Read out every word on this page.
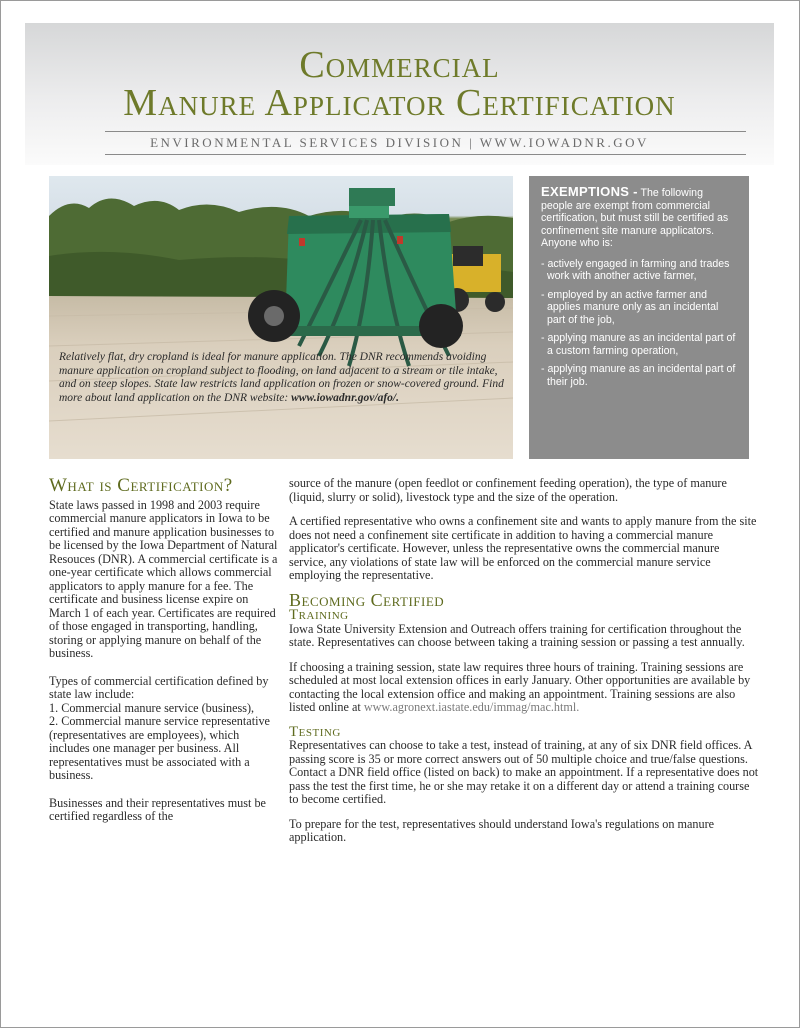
Commercial
Manure Applicator Certification
ENVIRONMENTAL SERVICES DIVISION | WWW.IOWADNR.GOV
Relatively flat, dry cropland is ideal for manure application. The DNR recommends avoiding manure application on cropland subject to flooding, on land adjacent to a stream or tile intake, and on steep slopes. State law restricts land application on frozen or snow-covered ground. Find more about land application on the DNR website: www.iowadnr.gov/afo/.
EXEMPTIONS - The following people are exempt from commercial certification, but must still be certified as confinement site manure applicators. Anyone who is:
- actively engaged in farming and trades work with another active farmer,
- employed by an active farmer and applies manure only as an incidental part of the job,
- applying manure as an incidental part of a custom farming operation,
- applying manure as an incidental part of their job.
What is Certification?

State laws passed in 1998 and 2003 require commercial manure applicators in Iowa to be certified and manure application businesses to be licensed by the Iowa Department of Natural Resouces (DNR). A commercial certificate is a one-year certificate which allows commercial applicators to apply manure for a fee. The certificate and business license expire on March 1 of each year. Certificates are required of those engaged in transporting, handling, storing or applying manure on behalf of the business.

Types of commercial certification defined by state law include:
1. Commercial manure service (business),
2. Commercial manure service representative (representatives are employees), which includes one manager per business. All representatives must be associated with a business.

Businesses and their representatives must be certified regardless of the

source of the manure (open feedlot or confinement feeding operation), the type of manure (liquid, slurry or solid), livestock type and the size of the operation.

A certified representative who owns a confinement site and wants to apply manure from the site does not need a confinement site certificate in addition to having a commercial manure applicator's certificate. However, unless the representative owns the commercial manure service, any violations of state law will be enforced on the commercial manure service employing the representative.

Becoming Certified
Training

Iowa State University Extension and Outreach offers training for certification throughout the state. Representatives can choose between taking a training session or passing a test annually.

If choosing a training session, state law requires three hours of training. Training sessions are scheduled at most local extension offices in early January. Other opportunities are available by contacting the local extension office and making an appointment. Training sessions are also listed online at www.agronext.iastate.edu/immag/mac.html.

Testing

Representatives can choose to take a test, instead of training, at any of six DNR field offices. A passing score is 35 or more correct answers out of 50 multiple choice and true/false questions. Contact a DNR field office (listed on back) to make an appointment. If a representative does not pass the test the first time, he or she may retake it on a different day or attend a training course to become certified.

To prepare for the test, representatives should understand Iowa's regulations on manure application.
